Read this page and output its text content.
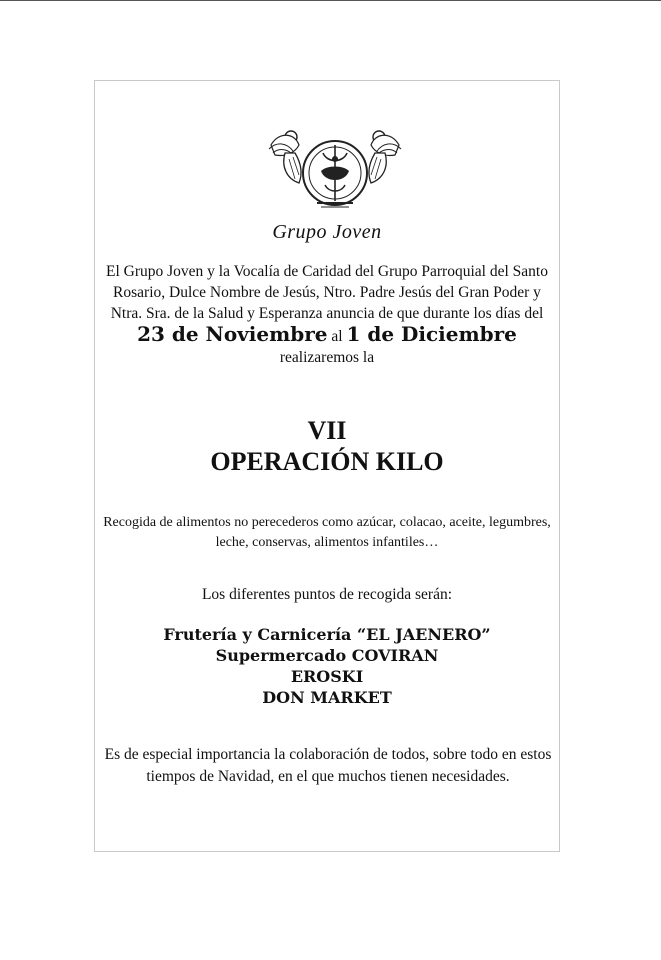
Grupo Joven
El Grupo Joven y la Vocalía de Caridad del Grupo Parroquial del Santo Rosario, Dulce Nombre de Jesús, Ntro. Padre Jesús del Gran Poder y Ntra. Sra. de la Salud y Esperanza anuncia de que durante los días del 23 de Noviembre al 1 de Diciembre realizaremos la
VII
OPERACIÓN KILO
Recogida de alimentos no perecederos como azúcar, colacao, aceite, legumbres, leche, conservas, alimentos infantiles…
Los diferentes puntos de recogida serán:
Frutería y Carnicería “EL JAENERO”
Supermercado COVIRAN
EROSKI
DON MARKET
Es de especial importancia la colaboración de todos, sobre todo en estos tiempos de Navidad, en el que muchos tienen necesidades.
